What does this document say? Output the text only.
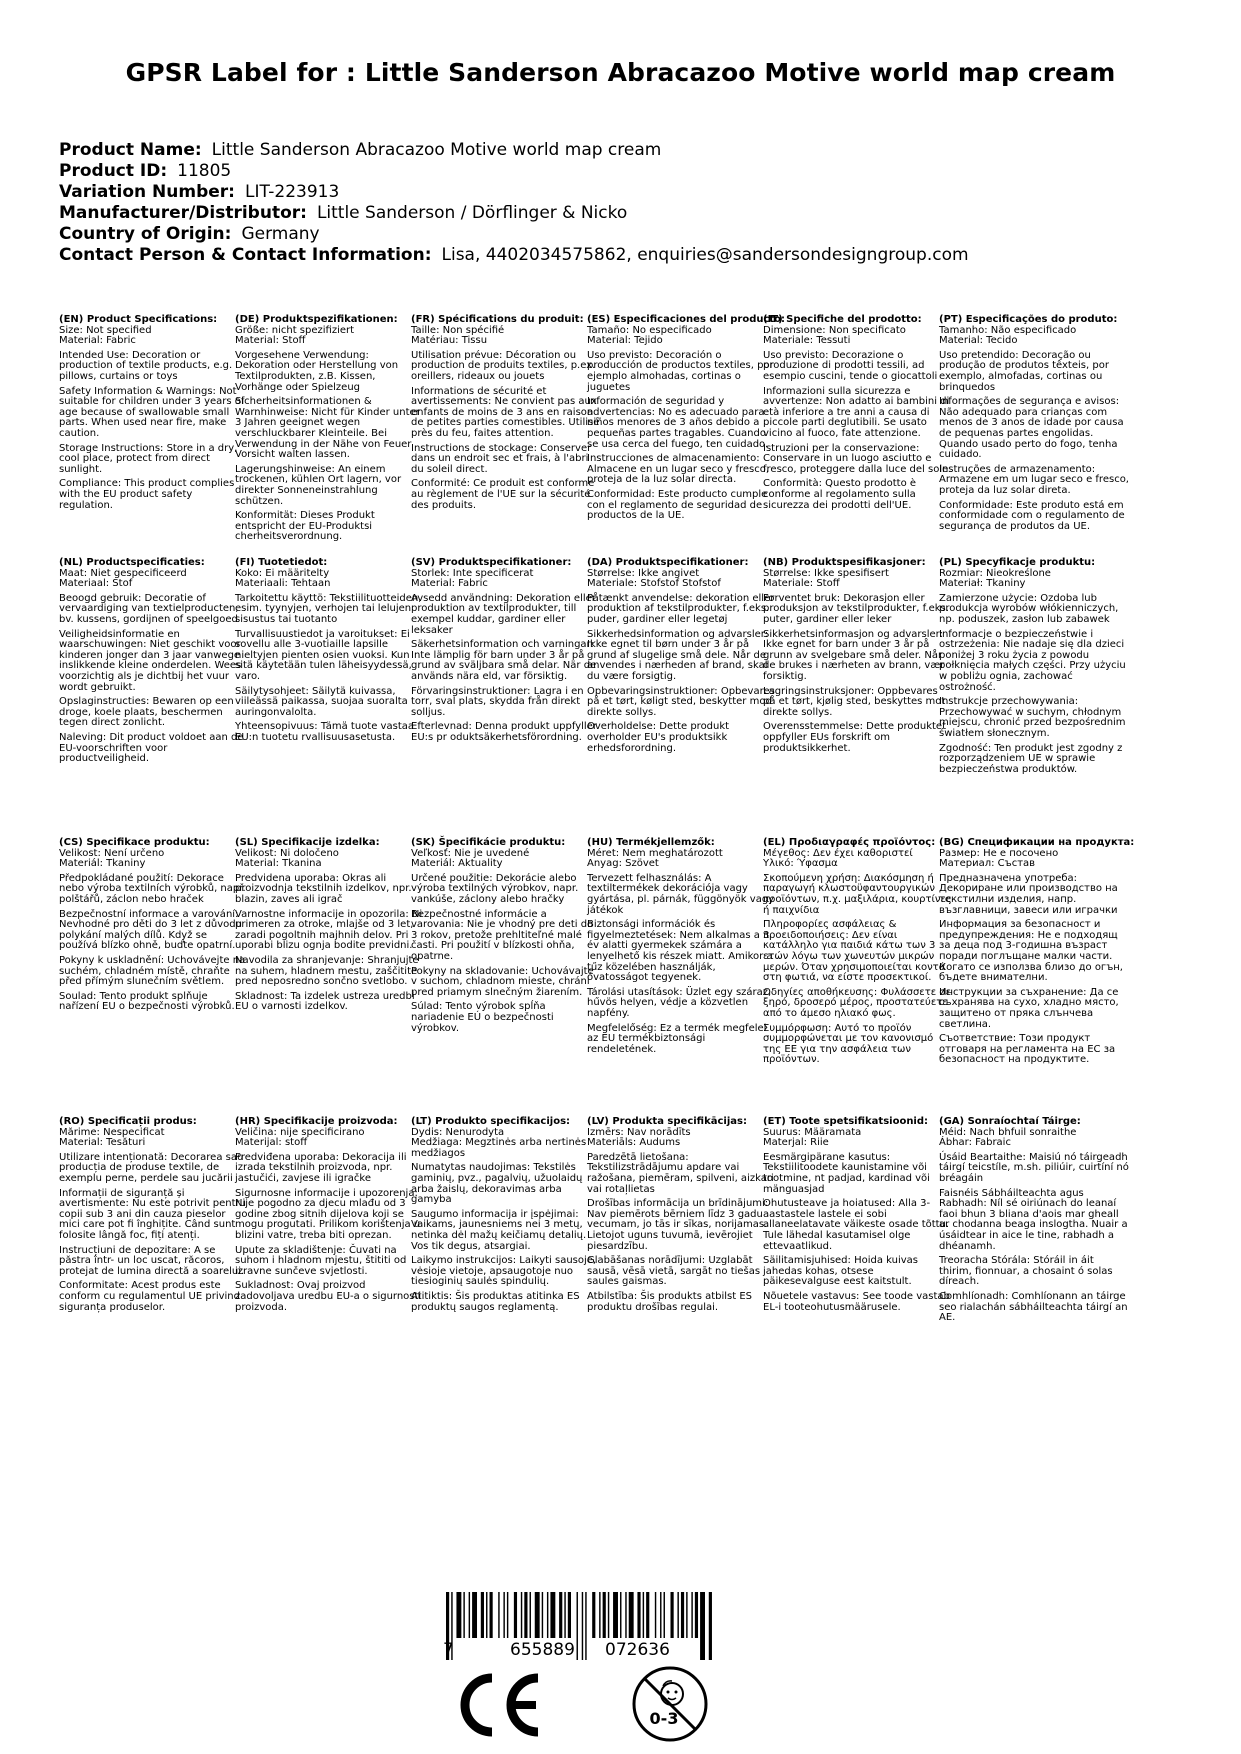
GPSR Label for : Little Sanderson Abracazoo Motive world map cream
Product Name: Little Sanderson Abracazoo Motive world map cream
Product ID: 11805
Variation Number: LIT-223913
Manufacturer/Distributor: Little Sanderson / Dörflinger & Nicko
Country of Origin: Germany
Contact Person & Contact Information: Lisa, 4402034575862, enquiries@sandersondesigngroup.com
(EN) Product Specifications:
Size: Not specified
Material: Fabric
Intended Use: Decoration or production of textile products, e.g. pillows, curtains or toys
Safety Information & Warnings: Not suitable for children under 3 years of age because of swallowable small parts. When used near fire, make caution.
Storage Instructions: Store in a dry, cool place, protect from direct sunlight.
Compliance: This product complies with the EU product safety regulation.
(DE) Produktspezifikationen:
Größe: nicht spezifiziert
Material: Stoff
Vorgesehene Verwendung: Dekoration oder Herstellung von Textilprodukten, z.B. Kissen, Vorhänge oder Spielzeug
Sicherheitsinformationen & Warnhinweise: Nicht für Kinder unter 3 Jahren geeignet wegen verschluckbarer Kleinteile. Bei Verwendung in der Nähe von Feuer Vorsicht walten lassen.
Lagerungshinweise: An einem trockenen, kühlen Ort lagern, vor direkter Sonneneinstrahlung schützen.
Konformität: Dieses Produkt entspricht der EU-Produktsi cherheitsverordnung.
(FR) Spécifications du produit:
Taille: Non spécifié
Matériau: Tissu
Utilisation prévue: Décoration ou production de produits textiles, p.ex. oreillers, rideaux ou jouets
Informations de sécurité et avertissements: Ne convient pas aux enfants de moins de 3 ans en raison de petites parties comestibles. Utilisé près du feu, faites attention.
Instructions de stockage: Conserver dans un endroit sec et frais, à l'abri du soleil direct.
Conformité: Ce produit est conforme au règlement de l'UE sur la sécurité des produits.
(ES) Especificaciones del producto:
Tamaño: No especificado
Material: Tejido
Uso previsto: Decoración o producción de productos textiles, por ejemplo almohadas, cortinas o juguetes
Información de seguridad y advertencias: No es adecuado para niños menores de 3 años debido a pequeñas partes tragables. Cuando se usa cerca del fuego, ten cuidado.
Instrucciones de almacenamiento: Almacene en un lugar seco y fresco, proteja de la luz solar directa.
Conformidad: Este producto cumple con el reglamento de seguridad de productos de la UE.
(IT) Specifiche del prodotto:
Dimensione: Non specificato
Materiale: Tessuti
Uso previsto: Decorazione o produzione di prodotti tessili, ad esempio cuscini, tende o giocattoli
Informazioni sulla sicurezza e avvertenze: Non adatto ai bambini di età inferiore a tre anni a causa di piccole parti deglutibili. Se usato vicino al fuoco, fate attenzione.
Istruzioni per la conservazione: Conservare in un luogo asciutto e fresco, proteggere dalla luce del sole.
Conformità: Questo prodotto è conforme al regolamento sulla sicurezza dei prodotti dell'UE.
(PT) Especificações do produto:
Tamanho: Não especificado
Material: Tecido
Uso pretendido: Decoração ou produção de produtos têxteis, por exemplo, almofadas, cortinas ou brinquedos
Informações de segurança e avisos: Não adequado para crianças com menos de 3 anos de idade por causa de pequenas partes engolidas. Quando usado perto do fogo, tenha cuidado.
Instruções de armazenamento: Armazene em um lugar seco e fresco, proteja da luz solar direta.
Conformidade: Este produto está em conformidade com o regulamento de segurança de produtos da UE.
(NL) Productspecificaties:
Maat: Niet gespecificeerd
Materiaal: Stof
Beoogd gebruik: Decoratie of vervaardiging van textielproducten, bv. kussens, gordijnen of speelgoed
Veiligheidsinformatie en waarschuwingen: Niet geschikt voor kinderen jonger dan 3 jaar vanwege inslikkende kleine onderdelen. Wees voorzichtig als je dichtbij het vuur wordt gebruikt.
Opslaginstructies: Bewaren op een droge, koele plaats, beschermen tegen direct zonlicht.
Naleving: Dit product voldoet aan de EU-voorschriften voor productveiligheid.
(FI) Tuotetiedot:
Koko: Ei määritelty
Materiaali: Tehtaan
Tarkoitettu käyttö: Tekstiilituotteiden, esim. tyynyjen, verhojen tai lelujen sisustus tai tuotanto
Turvallisuustiedot ja varoitukset: Ei sovellu alle 3-vuotiaille lapsille nieltyjen pienten osien vuoksi. Kun sitä käytetään tulen läheisyydessä, varo.
Säilytysohjeet: Säilytä kuivassa, viileässä paikassa, suojaa suoralta auringonvalolta.
Yhteensopivuus: Tämä tuote vastaa EU:n tuotetu rvallisuusasetusta.
(SV) Produktspecifikationer:
Storlek: Inte specificerat
Material: Fabric
Avsedd användning: Dekoration eller produktion av textilprodukter, till exempel kuddar, gardiner eller leksaker
Säkerhetsinformation och varningar: Inte lämplig för barn under 3 år på grund av sväljbara små delar. När de används nära eld, var försiktig.
Förvaringsinstruktioner: Lagra i en torr, sval plats, skydda från direkt solljus.
Efterlevnad: Denna produkt uppfyller EU:s pr oduktsäkerhetsförordning.
(DA) Produktspecifikationer:
Størrelse: Ikke angivet
Materiale: Stofstof Stofstof
Påtænkt anvendelse: dekoration eller produktion af tekstilprodukter, f.eks. puder, gardiner eller legetøj
Sikkerhedsinformation og advarsler: Ikke egnet til børn under 3 år på grund af slugelige små dele. Når de anvendes i nærheden af brand, skal du være forsigtig.
Opbevaringsinstruktioner: Opbevares på et tørt, køligt sted, beskytter mod direkte sollys.
Overholdelse: Dette produkt overholder EU's produktsikk erhedsforordning.
(NB) Produktspesifikasjoner:
Størrelse: Ikke spesifisert
Materiale: Stoff
Forventet bruk: Dekorasjon eller produksjon av tekstilprodukter, f.eks. puter, gardiner eller leker
Sikkerhetsinformasjon og advarsler: Ikke egnet for barn under 3 år på grunn av svelgebare små deler. Når de brukes i nærheten av brann, vær forsiktig.
Lagringsinstruksjoner: Oppbevares på et tørt, kjølig sted, beskyttes mot direkte sollys.
Overensstemmelse: Dette produktet oppfyller EUs forskrift om produktsikkerhet.
(PL) Specyfikacje produktu:
Rozmiar: Nieokreślone
Materiał: Tkaniny
Zamierzone użycie: Ozdoba lub produkcja wyrobów włókienniczych, np. poduszek, zasłon lub zabawek
Informacje o bezpieczeństwie i ostrzeżenia: Nie nadaje się dla dzieci poniżej 3 roku życia z powodu połknięcia małych części. Przy użyciu w pobliżu ognia, zachować ostrożność.
Instrukcje przechowywania: Przechowywać w suchym, chłodnym miejscu, chronić przed bezpośrednim światłem słonecznym.
Zgodność: Ten produkt jest zgodny z rozporządzeniem UE w sprawie bezpieczeństwa produktów.
(CS) Specifikace produktu:
Velikost: Není určeno
Materiál: Tkaniny
Předpokládané použití: Dekorace nebo výroba textilních výrobků, např. polštářů, záclon nebo hraček
Bezpečnostní informace a varování: Nevhodné pro děti do 3 let z důvodu polykání malých dílů. Když se používá blízko ohně, buďte opatrní.
Pokyny k uskladnění: Uchovávejte na suchém, chladném místě, chraňte před přímým slunečním světlem.
Soulad: Tento produkt splňuje nařízení EU o bezpečnosti výrobků.
(SL) Specifikacije izdelka:
Velikost: Ni določeno
Material: Tkanina
Predvidena uporaba: Okras ali proizvodnja tekstilnih izdelkov, npr. blazin, zaves ali igrač
Varnostne informacije in opozorila: Ni primeren za otroke, mlajše od 3 let, zaradi pogoltnih majhnih delov. Pri uporabi blizu ognja bodite previdni.
Navodila za shranjevanje: Shranjujte na suhem, hladnem mestu, zaščitite pred neposredno sončno svetlobo.
Skladnost: Ta izdelek ustreza uredbi EU o varnosti izdelkov.
(SK) Špecifikácie produktu:
Veľkosť: Nie je uvedené
Materiál: Aktuality
Určené použitie: Dekorácie alebo výroba textilných výrobkov, napr. vankúše, záclony alebo hračky
Bezpečnostné informácie a varovania: Nie je vhodný pre deti do 3 rokov, pretože prehltiteľné malé časti. Pri použití v blízkosti ohňa, opatrne.
Pokyny na skladovanie: Uchovávajte v suchom, chladnom mieste, chráni pred priamym slnečným žiarením.
Súlad: Tento výrobok spĺňa nariadenie EÚ o bezpečnosti výrobkov.
(HU) Termékjellemzők:
Méret: Nem meghatározott
Anyag: Szövet
Tervezett felhasználás: A textiltermékek dekorációja vagy gyártása, pl. párnák, függönyök vagy játékok
Biztonsági információk és figyelmeztetések: Nem alkalmas a 3 év alatti gyermekek számára a lenyelhető kis részek miatt. Amikor a tűz közelében használják, óvatosságot tegyenek.
Tárolási utasítások: Üzlet egy száraz, hűvös helyen, védje a közvetlen napfény.
Megfelelőség: Ez a termék megfelel az EU termékbiztonsági rendeletének.
(EL) Προδιαγραφές προϊόντος:
Μέγεθος: Δεν έχει καθοριστεί
Υλικό: Ύφασμα
Σκοπούμενη χρήση: Διακόσμηση ή παραγωγή κλωστοϋφαντουργικών προϊόντων, π.χ. μαξιλάρια, κουρτίνες ή παιχνίδια
Πληροφορίες ασφάλειας & προειδοποιήσεις: Δεν είναι κατάλληλο για παιδιά κάτω των 3 ετών λόγω των χωνευτών μικρών μερών. Όταν χρησιμοποιείται κοντά στη φωτιά, να είστε προσεκτικοί.
Οδηγίες αποθήκευσης: Φυλάσσετε σε ξηρό, δροσερό μέρος, προστατεύετε από το άμεσο ηλιακό φως.
Συμμόρφωση: Αυτό το προϊόν συμμορφώνεται με τον κανονισμό της ΕΕ για την ασφάλεια των προϊόντων.
(BG) Спецификации на продукта:
Размер: Не е посочено
Материал: Състав
Предназначена употреба: Декориране или производство на текстилни изделия, напр. възглавници, завеси или играчки
Информация за безопасност и предупреждения: Не е подходящ за деца под 3-годишна възраст поради поглъщане малки части. Когато се използва близо до огън, бъдете внимателни.
Инструкции за съхранение: Да се съхранява на сухо, хладно място, защитено от пряка слънчева светлина.
Съответствие: Този продукт отговаря на регламента на ЕС за безопасност на продуктите.
(RO) Specificații produs:
Mărime: Nespecificat
Material: Tesături
Utilizare intenționată: Decorarea sau producția de produse textile, de exemplu perne, perdele sau jucării
Informații de siguranță și avertismente: Nu este potrivit pentru copii sub 3 ani din cauza pieselor mici care pot fi înghițite. Când sunt folosite lângă foc, fiți atenți.
Instrucțiuni de depozitare: A se păstra într- un loc uscat, răcoros, protejat de lumina directă a soarelui.
Conformitate: Acest produs este conform cu regulamentul UE privind siguranța produselor.
(HR) Specifikacije proizvoda:
Veličina: nije specificirano
Materijal: stoff
Predviđena uporaba: Dekoracija ili izrada tekstilnih proizvoda, npr. jastučići, zavjese ili igračke
Sigurnosne informacije i upozorenja: Nije pogodno za djecu mlađu od 3 godine zbog sitnih dijelova koji se mogu progutati. Prilikom korištenja u blizini vatre, treba biti oprezan.
Upute za skladištenje: Čuvati na suhom i hladnom mjestu, štititi od izravne sunčeve svjetlosti.
Sukladnost: Ovaj proizvod zadovoljava uredbu EU-a o sigurnosti proizvoda.
(LT) Produkto specifikacijos:
Dydis: Nenurodyta
Medžiaga: Megztinės arba nertinės medžiagos
Numatytas naudojimas: Tekstilės gaminių, pvz., pagalvių, užuolaidų arba žaislų, dekoravimas arba gamyba
Saugumo informacija ir įspėjimai: Vaikams, jaunesniems nei 3 metų, netinka dėl mažų keičiamų detalių. Vos tik degus, atsargiai.
Laikymo instrukcijos: Laikyti sausoje, vėsioje vietoje, apsaugotoje nuo tiesioginių saulės spindulių.
Atitiktis: Šis produktas atitinka ES produktų saugos reglamentą.
(LV) Produkta specifikācijas:
Izmērs: Nav norādīts
Materiāls: Audums
Paredzētā lietošana: Tekstilizstrādājumu apdare vai ražošana, piemēram, spilveni, aizkari vai rotaļlietas
Drošības informācija un brīdinājumi: Nav piemērots bērniem līdz 3 gadu vecumam, jo tās ir sīkas, norijamas. Lietojot uguns tuvumā, ievērojiet piesardzību.
Glabāšanas norādījumi: Uzglabāt sausā, vēsā vietā, sargāt no tiešas saules gaismas.
Atbilstība: Šis produkts atbilst ES produktu drošības regulai.
(ET) Toote spetsifikatsioonid:
Suurus: Määramata
Materjal: Riie
Eesmärgipärane kasutus: Tekstiilitoodete kaunistamine või tootmine, nt padjad, kardinad või mänguasjad
Ohutusteave ja hoiatused: Alla 3-aastastele lastele ei sobi allaneelatavate väikeste osade tõttu. Tule lähedal kasutamisel olge ettevaatlikud.
Säilitamisjuhised: Hoida kuivas jahedas kohas, otsese päikesevalguse eest kaitstult.
Nõuetele vastavus: See toode vastab EL-i tooteohutusmäärusele.
(GA) Sonraíochtaí Táirge:
Méid: Nach bhfuil sonraithe
Ábhar: Fabraic
Úsáid Beartaithe: Maisiú nó táirgeadh táirgí teicstíle, m.sh. piliúir, cuirtíní nó bréagáin
Faisnéis Sábháilteachta agus Rabhadh: Níl sé oiriúnach do leanaí faoi bhun 3 bliana d'aois mar gheall ar chodanna beaga inslogtha. Nuair a úsáidtear in aice le tine, rabhadh a dhéanamh.
Treoracha Stórála: Stóráil in áit thirim, fionnuar, a chosaint ó solas díreach.
Comhlíonadh: Comhlíonann an táirge seo rialachán sábháilteachta táirgí an AE.
7	655889 072636
0-3
